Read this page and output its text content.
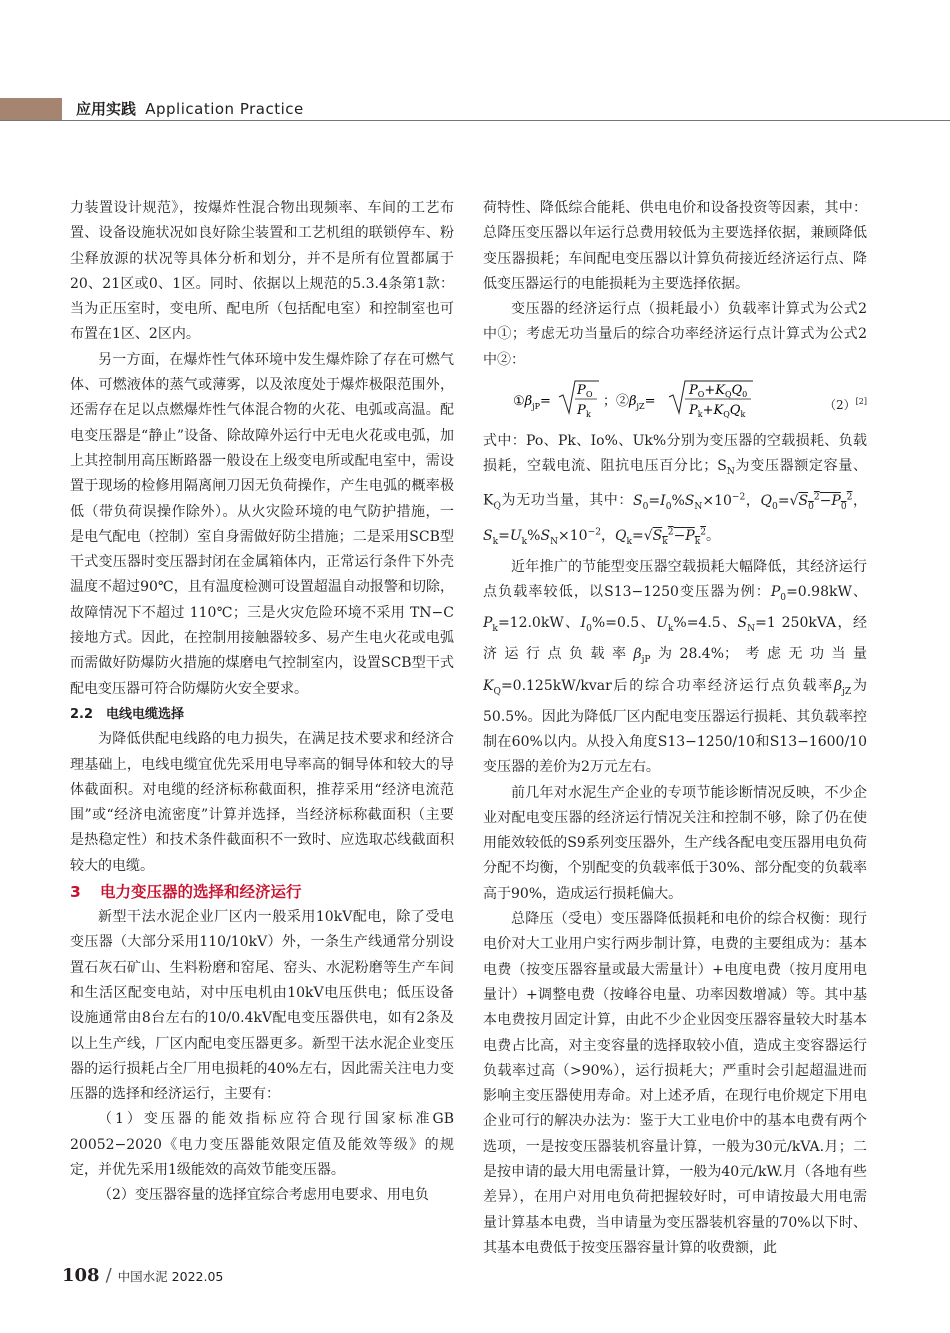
应用实践 Application Practice

力装置设计规范》，按爆炸性混合物出现频率、车间的工艺布置、设备设施状况如良好除尘装置和工艺机组的联锁停车、粉尘释放源的状况等具体分析和划分，并不是所有位置都属于20、21区或0、1区。同时、依据以上规范的5.3.4条第1款：当为正压室时，变电所、配电所（包括配电室）和控制室也可布置在1区、2区内。

另一方面，在爆炸性气体环境中发生爆炸除了存在可燃气体、可燃液体的蒸气或薄雾，以及浓度处于爆炸极限范围外，还需存在足以点燃爆炸性气体混合物的火花、电弧或高温。配电变压器是“静止”设备、除故障外运行中无电火花或电弧，加上其控制用高压断路器一般设在上级变电所或配电室中，需设置于现场的检修用隔离闸刀因无负荷操作，产生电弧的概率极低（带负荷误操作除外）。从火灾险环境的电气防护措施，一是电气配电（控制）室自身需做好防尘措施；二是采用SCB型干式变压器时变压器封闭在金属箱体内，正常运行条件下外壳温度不超过90℃，且有温度检测可设置超温自动报警和切除，故障情况下不超过 110℃；三是火灾危险环境不采用 TN−C接地方式。因此，在控制用接触器较多、易产生电火花或电弧而需做好防爆防火措施的煤磨电气控制室内，设置SCB型干式配电变压器可符合防爆防火安全要求。

2.2 电线电缆选择

为降低供配电线路的电力损失，在满足技术要求和经济合理基础上，电线电缆宜优先采用电导率高的铜导体和较大的导体截面积。对电缆的经济标称截面积，推荐采用“经济电流范围”或“经济电流密度”计算并选择，当经济标称截面积（主要是热稳定性）和技术条件截面积不一致时、应选取芯线截面积较大的电缆。

3 电力变压器的选择和经济运行

新型干法水泥企业厂区内一般采用10kV配电，除了受电变压器（大部分采用110/10kV）外，一条生产线通常分别设置石灰石矿山、生料粉磨和窑尾、窑头、水泥粉磨等生产车间和生活区配变电站，对中压电机由10kV电压供电；低压设备设施通常由8台左右的10/0.4kV配电变压器供电，如有2条及以上生产线，厂区内配电变压器更多。新型干法水泥企业变压器的运行损耗占全厂用电损耗的40%左右，因此需关注电力变压器的选择和经济运行，主要有：

（1）变压器的能效指标应符合现行国家标准GB 20052−2020《电力变压器能效限定值及能效等级》的规定，并优先采用1级能效的高效节能变压器。

（2）变压器容量的选择宜综合考虑用电要求、用电负

荷特性、降低综合能耗、供电电价和设备投资等因素，其中：总降压变压器以年运行总费用较低为主要选择依据，兼顾降低变压器损耗；车间配电变压器以计算负荷接近经济运行点、降低变压器运行的电能损耗为主要选择依据。

变压器的经济运行点（损耗最小）负载率计算式为公式2中①；考虑无功当量后的综合功率经济运行点计算式为公式2中②：

$①\beta_{jP}=$
P O
P k
；$②\beta_{jZ}=$
$P_O+K_QQ_0$
$P_k+K_QQ_k$
（2）[2]

式中：Po、Pk、Io%、Uk%分别为变压器的空载损耗、负载损耗，空载电流、阻抗电压百分比；$S_N$为变压器额定容量、$K_Q$为无功当量，其中：$S_0=I_0\%S_N\times 10^{-2}$，$Q_0=√S_0^2-P_0^2$，$S_k=U_k\%S_N\times 10^{-2}$，$Q_k=√S_k^2-P_k^2$。

近年推广的节能型变压器空载损耗大幅降低，其经济运行点负载率较低，以S13−1250变压器为例：$P_0=0.98kW$、$P_k=12.0kW$、$I_0\%=0.5$、$U_k\%=4.5$、$S_N=1$ 250kVA，经济运行点负载率$\beta_{jP}$为28.4%；考虑无功当量$K_Q=0.125kW$/kvar后的综合功率经济运行点负载率$\beta_{jZ}$为50.5%。因此为降低厂区内配电变压器运行损耗、其负载率控制在60%以内。从投入角度S13−1250/10和S13−1600/10变压器的差价为2万元左右。

前几年对水泥生产企业的专项节能诊断情况反映，不少企业对配电变压器的经济运行情况关注和控制不够，除了仍在使用能效较低的S9系列变压器外，生产线各配电变压器用电负荷分配不均衡，个别配变的负载率低于30%、部分配变的负载率高于90%，造成运行损耗偏大。

总降压（受电）变压器降低损耗和电价的综合权衡：现行电价对大工业用户实行两步制计算，电费的主要组成为：基本电费（按变压器容量或最大需量计）+电度电费（按月度用电量计）+调整电费（按峰谷电量、功率因数增减）等。其中基本电费按月固定计算，由此不少企业因变压器容量较大时基本电费占比高，对主变容量的选择取较小值，造成主变容器运行负载率过高（>90%），运行损耗大；严重时会引起超温进而影响主变压器使用寿命。对上述矛盾，在现行电价规定下用电企业可行的解决办法为：鉴于大工业电价中的基本电费有两个选项，一是按变压器装机容量计算，一般为30元/kVA.月；二是按申请的最大用电需量计算，一般为40元/kW.月（各地有些差异），在用户对用电负荷把握较好时，可申请按最大用电需量计算基本电费，当申请量为变压器装机容量的70%以下时、其基本电费低于按变压器容量计算的收费额，此

108 / 中国水泥 2022.05
